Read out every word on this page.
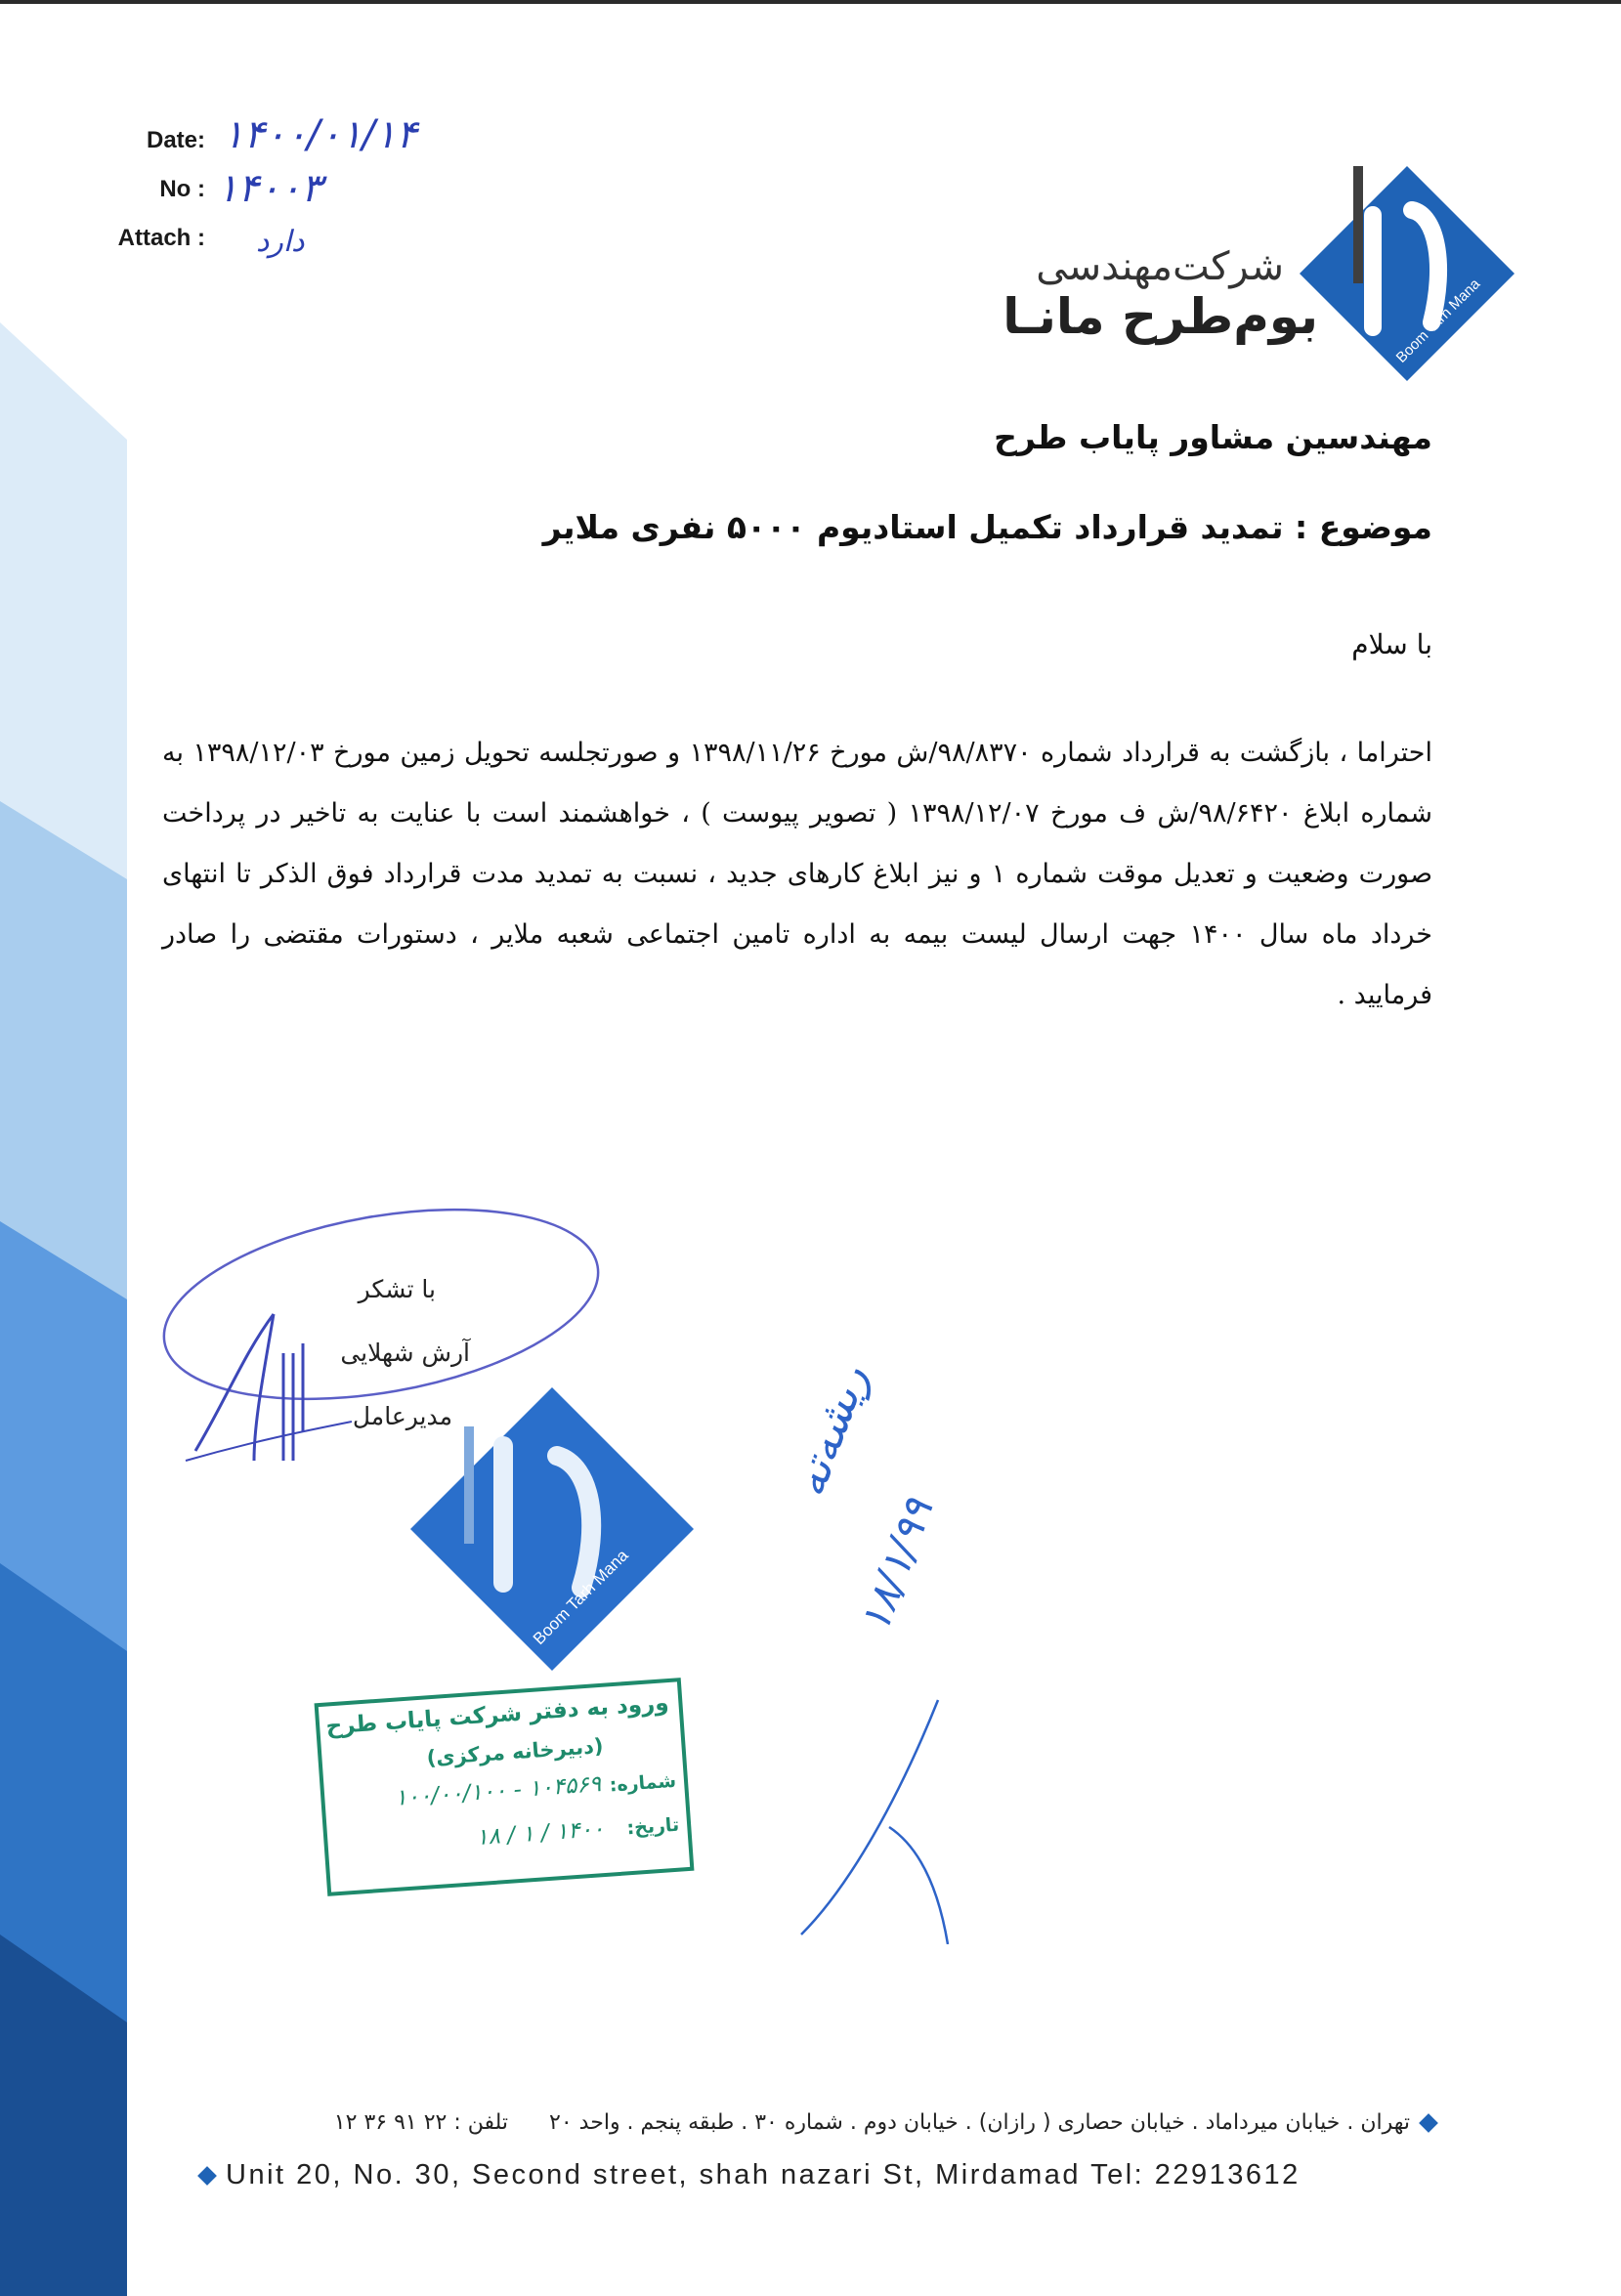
Date: ۱۴۰۰/۰۱/۱۴
No : ۱۴۰۰۳
Attach : دارد
Boom Tarh Mana
شرکت‌مهندسی
بوم‌طرح مانـا
مهندسین مشاور پایاب طرح
موضوع : تمدید قرارداد تکمیل استادیوم ۵۰۰۰ نفری ملایر
با سلام
احتراما ، بازگشت به قرارداد شماره ۹۸/۸۳۷۰/ش مورخ ۱۳۹۸/۱۱/۲۶ و صورتجلسه تحویل زمین مورخ ۱۳۹۸/۱۲/۰۳ به شماره ابلاغ ۹۸/۶۴۲۰/ش ف مورخ ۱۳۹۸/۱۲/۰۷ ( تصویر پیوست ) ، خواهشمند است با عنایت به تاخیر در پرداخت صورت وضعیت و تعدیل موقت شماره ۱ و نیز ابلاغ کارهای جدید ، نسبت به تمدید مدت قرارداد فوق الذکر تا انتهای خرداد ماه سال ۱۴۰۰ جهت ارسال لیست بیمه به اداره تامین اجتماعی شعبه ملایر ، دستورات مقتضی را صادر فرمایید .
با تشکر
آرش شهلایی
مدیرعامل
Boom Tarh Mana
ورود به دفتر شرکت پایاب طرح
(دبیرخانه مرکزی)
شماره:
۱۰۴۵۶۹ - ۱۰۰/۰۰/۱۰۰
تاریخ:
۱۴۰۰ / ۱ / ۱۸
ریشه‌ته
۱۸/۱/۹۹
تهران . خیابان میرداماد . خیابان حصاری ( رازان) . خیابان دوم . شماره ۳۰ . طبقه پنجم . واحد ۲۰
تلفن : ۲۲ ۹۱ ۳۶ ۱۲
Unit 20, No. 30, Second street, shah nazari St, Mirdamad Tel: 22913612
